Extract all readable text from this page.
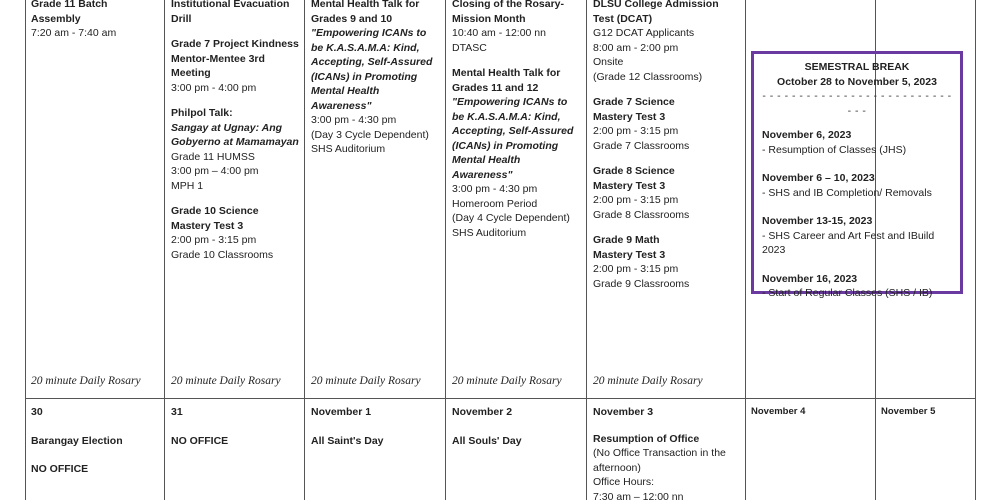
Grade 11 Batch Assembly
7:20 am - 7:40 am
20 minute Daily Rosary
Institutional Evacuation Drill
Grade 7 Project Kindness Mentor-Mentee 3rd Meeting
3:00 pm - 4:00 pm
Philpol Talk:
Sangay at Ugnay: Ang Gobyerno at Mamamayan
Grade 11 HUMSS
3:00 pm – 4:00 pm
MPH 1
Grade 10 Science Mastery Test 3
2:00 pm - 3:15 pm
Grade 10 Classrooms
20 minute Daily Rosary
Mental Health Talk for Grades 9 and 10
"Empowering ICANs to be K.A.S.A.M.A: Kind, Accepting, Self-Assured (ICANs) in Promoting Mental Health Awareness"
3:00 pm - 4:30 pm
(Day 3 Cycle Dependent)
SHS Auditorium
20 minute Daily Rosary
Closing of the Rosary-Mission Month
10:40 am - 12:00 nn
DTASC
Mental Health Talk for Grades 11 and 12
"Empowering ICANs to be K.A.S.A.M.A: Kind, Accepting, Self-Assured (ICANs) in Promoting Mental Health Awareness"
3:00 pm - 4:30 pm
Homeroom Period
(Day 4 Cycle Dependent)
SHS Auditorium
20 minute Daily Rosary
DLSU College Admission Test (DCAT)
G12 DCAT Applicants
8:00 am - 2:00 pm
Onsite
(Grade 12 Classrooms)
Grade 7 Science Mastery Test 3
2:00 pm - 3:15 pm
Grade 7 Classrooms
Grade 8 Science Mastery Test 3
2:00 pm - 3:15 pm
Grade 8 Classrooms
Grade 9 Math Mastery Test 3
2:00 pm - 3:15 pm
Grade 9 Classrooms
20 minute Daily Rosary
SEMESTRAL BREAK
October 28 to November 5, 2023
- - - - - - - - - - - - - - - - - - - - - - - - - - - - -
November 6, 2023
- Resumption of Classes (JHS)
November 6 – 10, 2023
- SHS and IB Completion/ Removals
November 13-15, 2023
- SHS Career and Art Fest and IBuild 2023
November 16, 2023
- Start of Regular Classes (SHS / IB)
30
Barangay Election
NO OFFICE
31
NO OFFICE
November 1
All Saint's Day
November 2
All Souls' Day
November 3
Resumption of Office
(No Office Transaction in the afternoon)
Office Hours:
7:30 am – 12:00 nn
November 4	November 5
